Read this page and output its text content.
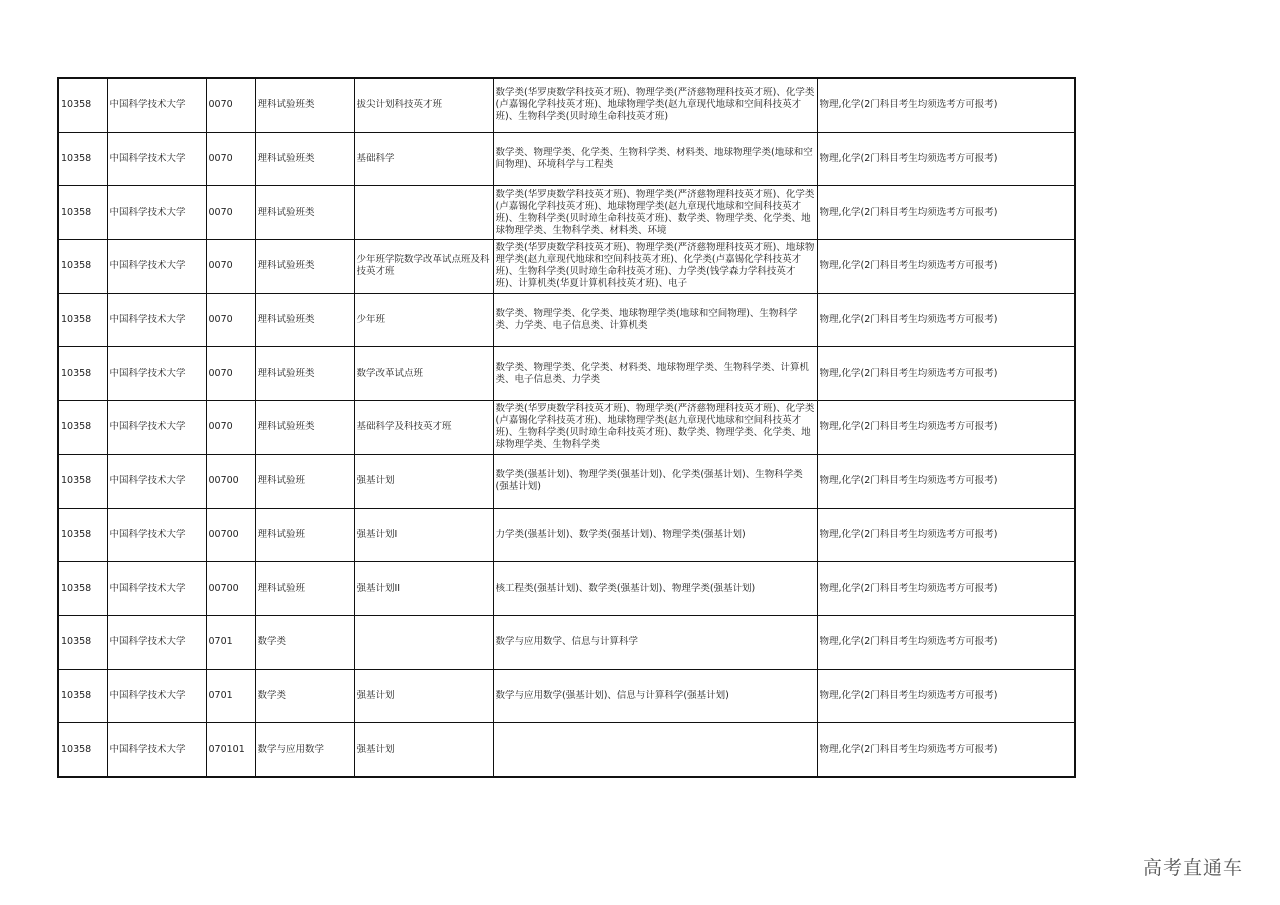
10358	中国科学技术大学	0070	理科试验班类	拔尖计划科技英才班	数学类(华罗庚数学科技英才班)、物理学类(严济慈物理科技英才班)、化学类(卢嘉锡化学科技英才班)、地球物理学类(赵九章现代地球和空间科技英才班)、生物科学类(贝时璋生命科技英才班)	物理,化学(2门科目考生均须选考方可报考)

10358	中国科学技术大学	0070	理科试验班类	基础科学	数学类、物理学类、化学类、生物科学类、材料类、地球物理学类(地球和空间物理)、环境科学与工程类	物理,化学(2门科目考生均须选考方可报考)

10358	中国科学技术大学	0070	理科试验班类		数学类(华罗庚数学科技英才班)、物理学类(严济慈物理科技英才班)、化学类(卢嘉锡化学科技英才班)、地球物理学类(赵九章现代地球和空间科技英才班)、生物科学类(贝时璋生命科技英才班)、数学类、物理学类、化学类、地球物理学类、生物科学类、材料类、环境	物理,化学(2门科目考生均须选考方可报考)

10358	中国科学技术大学	0070	理科试验班类	少年班学院数学改革试点班及科技英才班	数学类(华罗庚数学科技英才班)、物理学类(严济慈物理科技英才班)、地球物理学类(赵九章现代地球和空间科技英才班)、化学类(卢嘉锡化学科技英才班)、生物科学类(贝时璋生命科技英才班)、力学类(钱学森力学科技英才班)、计算机类(华夏计算机科技英才班)、电子	物理,化学(2门科目考生均须选考方可报考)

10358	中国科学技术大学	0070	理科试验班类	少年班	数学类、物理学类、化学类、地球物理学类(地球和空间物理)、生物科学类、力学类、电子信息类、计算机类	物理,化学(2门科目考生均须选考方可报考)

10358	中国科学技术大学	0070	理科试验班类	数学改革试点班	数学类、物理学类、化学类、材料类、地球物理学类、生物科学类、计算机类、电子信息类、力学类	物理,化学(2门科目考生均须选考方可报考)

10358	中国科学技术大学	0070	理科试验班类	基础科学及科技英才班	数学类(华罗庚数学科技英才班)、物理学类(严济慈物理科技英才班)、化学类(卢嘉锡化学科技英才班)、地球物理学类(赵九章现代地球和空间科技英才班)、生物科学类(贝时璋生命科技英才班)、数学类、物理学类、化学类、地球物理学类、生物科学类	物理,化学(2门科目考生均须选考方可报考)

10358	中国科学技术大学	00700	理科试验班	强基计划	数学类(强基计划)、物理学类(强基计划)、化学类(强基计划)、生物科学类(强基计划)	物理,化学(2门科目考生均须选考方可报考)

10358	中国科学技术大学	00700	理科试验班	强基计划I	力学类(强基计划)、数学类(强基计划)、物理学类(强基计划)	物理,化学(2门科目考生均须选考方可报考)

10358	中国科学技术大学	00700	理科试验班	强基计划II	核工程类(强基计划)、数学类(强基计划)、物理学类(强基计划)	物理,化学(2门科目考生均须选考方可报考)

10358	中国科学技术大学	0701	数学类		数学与应用数学、信息与计算科学	物理,化学(2门科目考生均须选考方可报考)

10358	中国科学技术大学	0701	数学类	强基计划	数学与应用数学(强基计划)、信息与计算科学(强基计划)	物理,化学(2门科目考生均须选考方可报考)

10358	中国科学技术大学	070101	数学与应用数学	强基计划		物理,化学(2门科目考生均须选考方可报考)
高考直通车
